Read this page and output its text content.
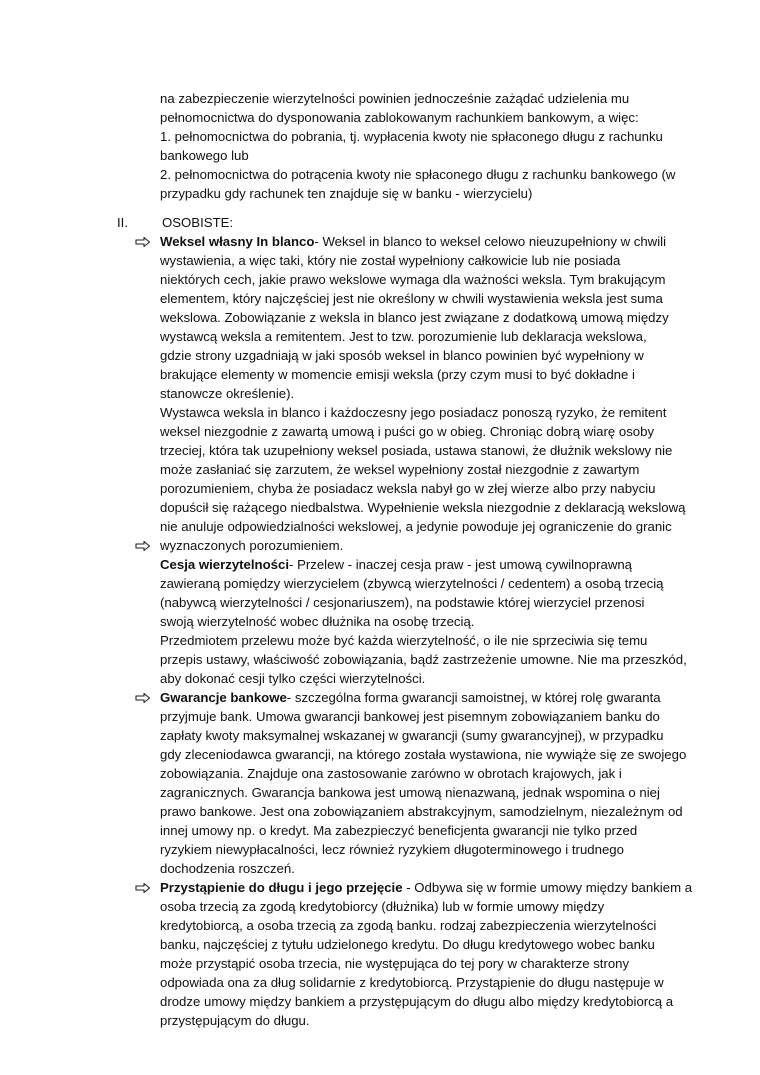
na zabezpieczenie wierzytelności powinien jednocześnie zażądać udzielenia mu
pełnomocnictwa do dysponowania zablokowanym rachunkiem bankowym, a więc:
1. pełnomocnictwa do pobrania, tj. wypłacenia kwoty nie spłaconego długu z rachunku
bankowego lub
2. pełnomocnictwa do potrącenia kwoty nie spłaconego długu z rachunku bankowego (w
przypadku gdy rachunek ten znajduje się w banku - wierzycielu)
II.	OSOBISTE:
Weksel własny In blanco- Weksel in blanco to weksel celowo nieuzupełniony w chwili
wystawienia, a więc taki, który nie został wypełniony całkowicie lub nie posiada
niektórych cech, jakie prawo wekslowe wymaga dla ważności weksla. Tym brakującym
elementem, który najczęściej jest nie określony w chwili wystawienia weksla jest suma
wekslowa. Zobowiązanie z weksla in blanco jest związane z dodatkową umową między
wystawcą weksla a remitentem. Jest to tzw. porozumienie lub deklaracja wekslowa,
gdzie strony uzgadniają w jaki sposób weksel in blanco powinien być wypełniony w
brakujące elementy w momencie emisji weksla (przy czym musi to być dokładne i
stanowcze określenie).
Wystawca weksla in blanco i każdoczesny jego posiadacz ponoszą ryzyko, że remitent
weksel niezgodnie z zawartą umową i puści go w obieg. Chroniąc dobrą wiarę osoby
trzeciej, która tak uzupełniony weksel posiada, ustawa stanowi, że dłużnik wekslowy nie
może zasłaniać się zarzutem, że weksel wypełniony został niezgodnie z zawartym
porozumieniem, chyba że posiadacz weksla nabył go w złej wierze albo przy nabyciu
dopuścił się rażącego niedbalstwa. Wypełnienie weksla niezgodnie z deklaracją wekslową
nie anuluje odpowiedzialności wekslowej, a jedynie powoduje jej ograniczenie do granic
wyznaczonych porozumieniem.
Cesja wierzytelności- Przelew - inaczej cesja praw - jest umową cywilnoprawną
zawieraną pomiędzy wierzycielem (zbywcą wierzytelności / cedentem) a osobą trzecią
(nabywcą wierzytelności / cesjonariuszem), na podstawie której wierzyciel przenosi
swoją wierzytelność wobec dłużnika na osobę trzecią.
Przedmiotem przelewu może być każda wierzytelność, o ile nie sprzeciwia się temu
przepis ustawy, właściwość zobowiązania, bądź zastrzeżenie umowne. Nie ma przeszkód,
aby dokonać cesji tylko części wierzytelności.
Gwarancje bankowe- szczególna forma gwarancji samoistnej, w której rolę gwaranta
przyjmuje bank. Umowa gwarancji bankowej jest pisemnym zobowiązaniem banku do
zapłaty kwoty maksymalnej wskazanej w gwarancji (sumy gwarancyjnej), w przypadku
gdy zleceniodawca gwarancji, na którego została wystawiona, nie wywiąże się ze swojego
zobowiązania. Znajduje ona zastosowanie zarówno w obrotach krajowych, jak i
zagranicznych. Gwarancja bankowa jest umową nienazwaną, jednak wspomina o niej
prawo bankowe. Jest ona zobowiązaniem abstrakcyjnym, samodzielnym, niezależnym od
innej umowy np. o kredyt. Ma zabezpieczyć beneficjenta gwarancji nie tylko przed
ryzykiem niewypłacalności, lecz również ryzykiem długoterminowego i trudnego
dochodzenia roszczeń.
Przystąpienie do długu i jego przejęcie - Odbywa się w formie umowy między bankiem a
osoba trzecią za zgodą kredytobiorcy (dłużnika) lub w formie umowy między
kredytobiorcą, a osoba trzecią za zgodą banku. rodzaj zabezpieczenia wierzytelności
banku, najczęściej z tytułu udzielonego kredytu. Do długu kredytowego wobec banku
może przystąpić osoba trzecia, nie występująca do tej pory w charakterze strony
odpowiada ona za dług solidarnie z kredytobiorcą. Przystąpienie do długu następuje w
drodze umowy między bankiem a przystępującym do długu albo między kredytobiorcą a
przystępującym do długu.
